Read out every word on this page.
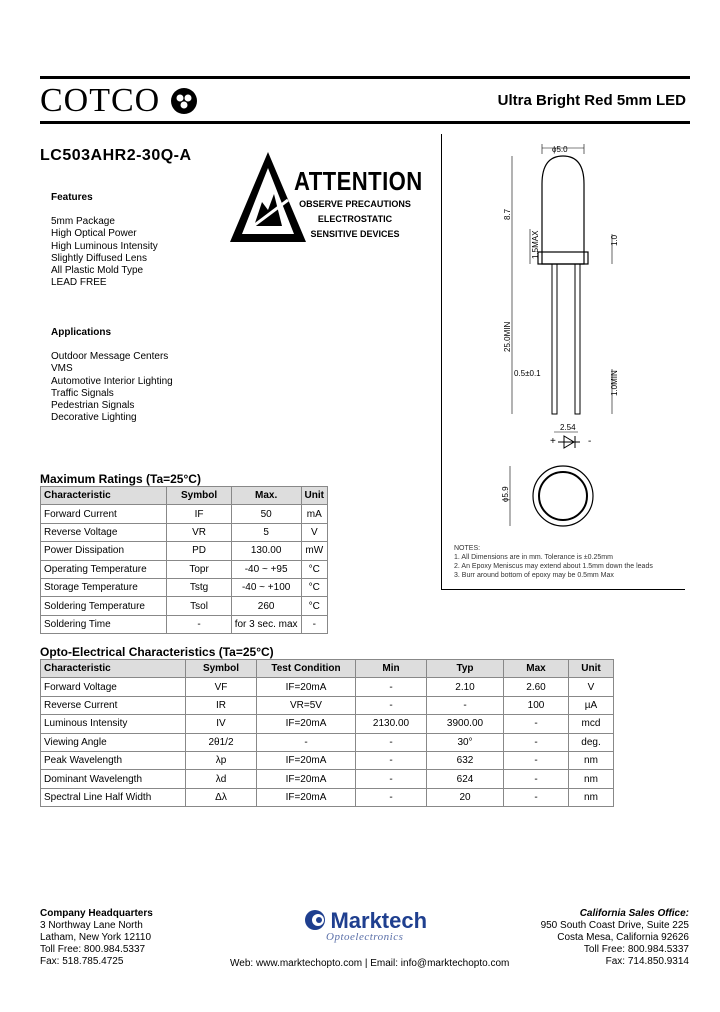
COTCO	Ultra Bright Red 5mm LED
LC503AHR2-30Q-A
ATTENTION
OBSERVE PRECAUTIONS
ELECTROSTATIC
SENSITIVE DEVICES
Features
5mm Package
High Optical Power
High Luminous Intensity
Slightly Diffused Lens
All Plastic Mold Type
LEAD FREE
Applications
Outdoor Message Centers
VMS
Automotive Interior Lighting
Traffic Signals
Pedestrian Signals
Decorative Lighting
ϕ5.0
8.7
1.5MAX	1.0
25.0MIN
0.5±0.1	1.0MIN
2.54
+	-
ϕ5.9
NOTES:
1. All Dimensions are in mm. Tolerance is ±0.25mm
2. An Epoxy Meniscus may extend about 1.5mm down the leads
3. Burr around bottom of epoxy may be 0.5mm Max
Maximum Ratings (Ta=25°C)
Characteristic	Symbol	Max.	Unit
Forward Current	IF	50	mA
Reverse Voltage	VR	5	V
Power Dissipation	PD	130.00	mW
Operating Temperature	Topr	-40 ~ +95	°C
Storage Temperature	Tstg	-40 ~ +100	°C
Soldering Temperature	Tsol	260	°C
Soldering Time	-	for 3 sec. max	-
Opto-Electrical Characteristics (Ta=25°C)
Characteristic	Symbol	Test Condition	Min	Typ	Max	Unit
Forward Voltage	VF	IF=20mA	-	2.10	2.60	V
Reverse Current	IR	VR=5V	-	-	100	µA
Luminous Intensity	IV	IF=20mA	2130.00	3900.00	-	mcd
Viewing Angle	2θ1/2	-	-	30°	-	deg.
Peak Wavelength	λp	IF=20mA	-	632	-	nm
Dominant Wavelength	λd	IF=20mA	-	624	-	nm
Spectral Line Half Width	Δλ	IF=20mA	-	20	-	nm
Company Headquarters
3 Northway Lane North
Latham, New York 12110
Toll Free: 800.984.5337
Fax: 518.785.4725
Marktech
Optoelectronics
Web: www.marktechopto.com | Email: info@marktechopto.com
California Sales Office:
950 South Coast Drive, Suite 225
Costa Mesa, California 92626
Toll Free: 800.984.5337
Fax: 714.850.9314
